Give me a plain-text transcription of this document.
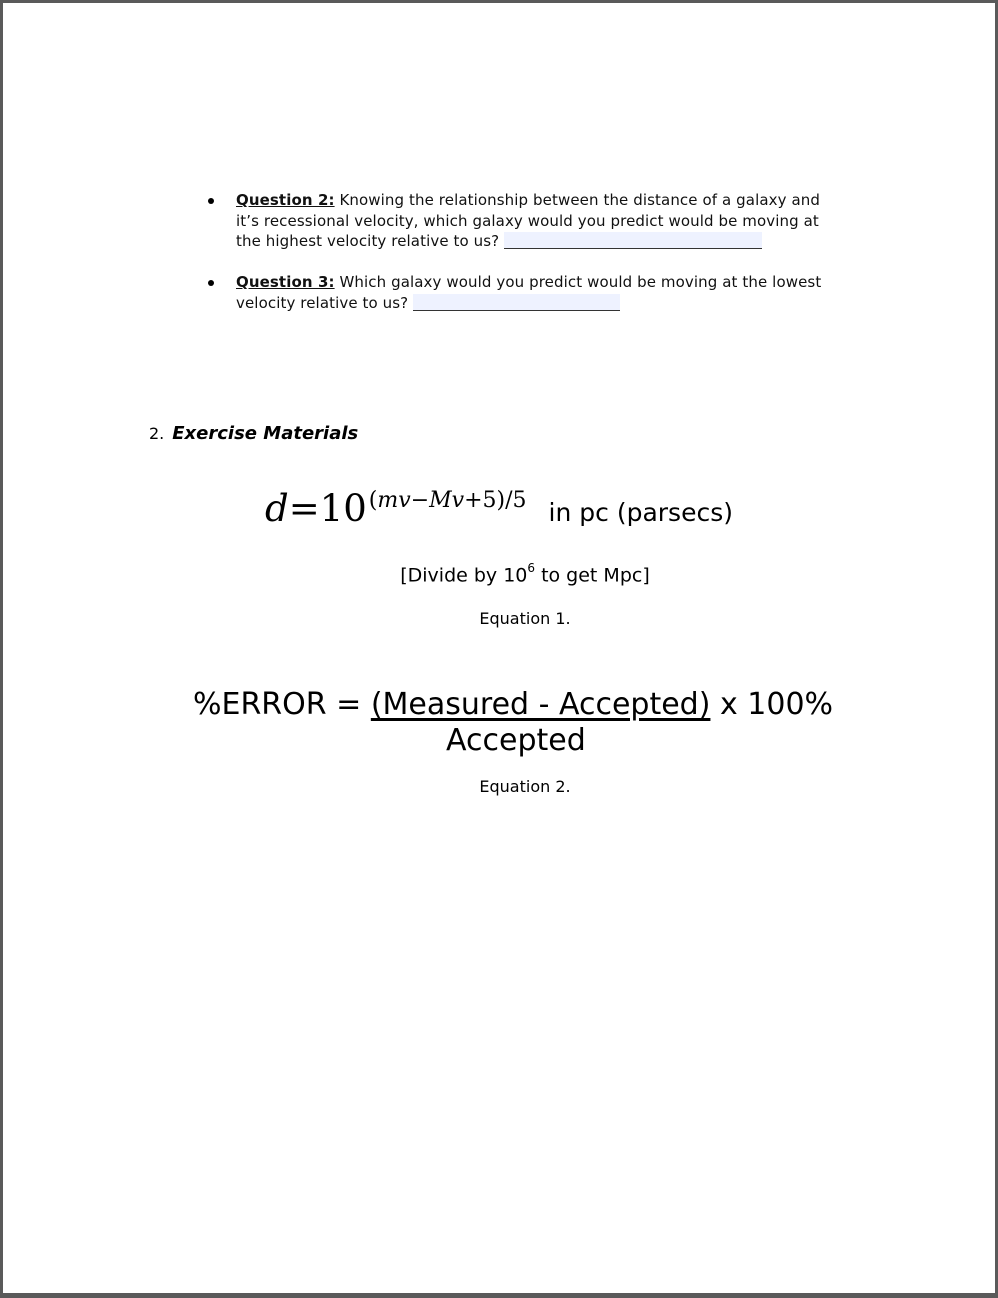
Question 2: Knowing the relationship between the distance of a galaxy and
it’s recessional velocity, which galaxy would you predict would be moving at
the highest velocity relative to us?
Question 3: Which galaxy would you predict would be moving at the lowest
velocity relative to us?
2. Exercise Materials
d=10(mv−Mv+5)/5 in pc (parsecs)
[Divide by $10^6$ to get Mpc]
Equation 1.
%ERROR = (Measured - Accepted) x 100%
Accepted
Equation 2.
